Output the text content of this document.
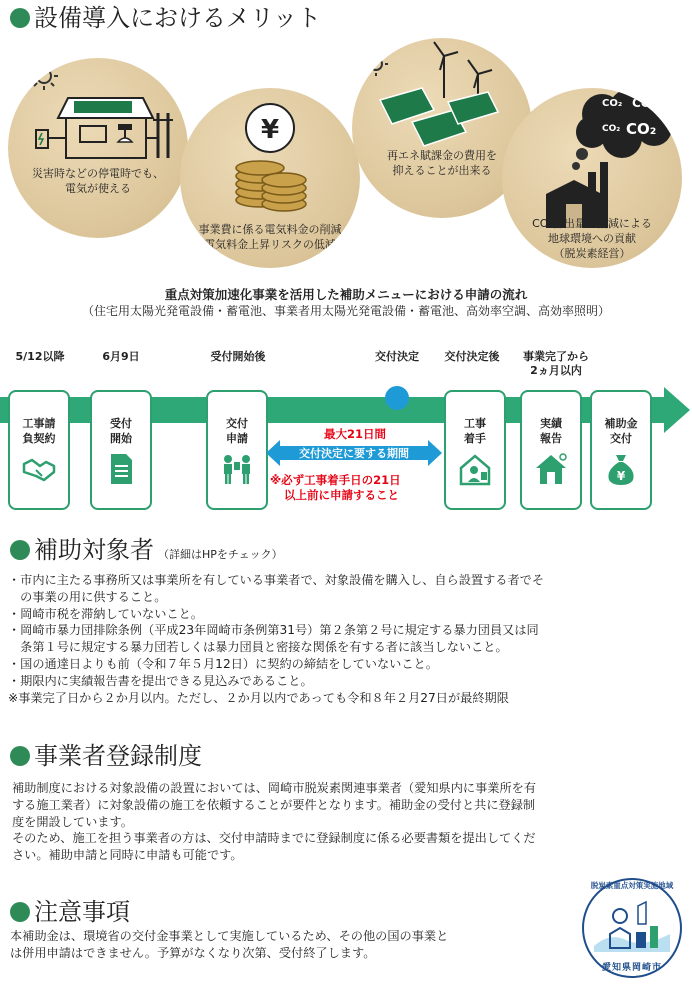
設備導入におけるメリット
災害時などの停電時でも、
電気が使える
¥
事業費に係る電気料金の削減
（電気料金上昇リスクの低減）
再エネ賦課金の費用を
抑えることが出来る
CO₂ CO₂
CO₂ CO₂
CO₂排出量の削減による
地球環境への貢献
（脱炭素経営）
重点対策加速化事業を活用した補助メニューにおける申請の流れ
（住宅用太陽光発電設備・蓄電池、事業者用太陽光発電設備・蓄電池、高効率空調、高効率照明）
5/12以降	6月9日	受付開始後	交付決定	交付決定後	事業完了から
2ヵ月以内
工事請
負契約
受付
開始
交付
申請
工事
着手
実績
報告
補助金
交付
¥
最大21日間
交付決定に要する期間
※必ず工事着手日の21日
以上前に申請すること
補助対象者 （詳細はHPをチェック）
・市内に主たる事務所又は事業所を有している事業者で、対象設備を購入し、自ら設置する者でそ
　の事業の用に供すること。
・岡崎市税を滞納していないこと。
・岡崎市暴力団排除条例（平成23年岡崎市条例第31号）第２条第２号に規定する暴力団員又は同
　条第１号に規定する暴力団若しくは暴力団員と密接な関係を有する者に該当しないこと。
・国の通達日よりも前（令和７年５月12日）に契約の締結をしていないこと。
・期限内に実績報告書を提出できる見込みであること。
※事業完了日から２か月以内。ただし、２か月以内であっても令和８年２月27日が最終期限
事業者登録制度
補助制度における対象設備の設置においては、岡崎市脱炭素関連事業者（愛知県内に事業所を有
する施工業者）に対象設備の施工を依頼することが要件となります。補助金の受付と共に登録制
度を開設しています。
そのため、施工を担う事業者の方は、交付申請時までに登録制度に係る必要書類を提出してくだ
さい。補助申請と同時に申請も可能です。
注意事項
本補助金は、環境省の交付金事業として実施しているため、その他の国の事業と
は併用申請はできません。予算がなくなり次第、受付終了します。
脱炭素重点対策実施地域
愛知県岡崎市
